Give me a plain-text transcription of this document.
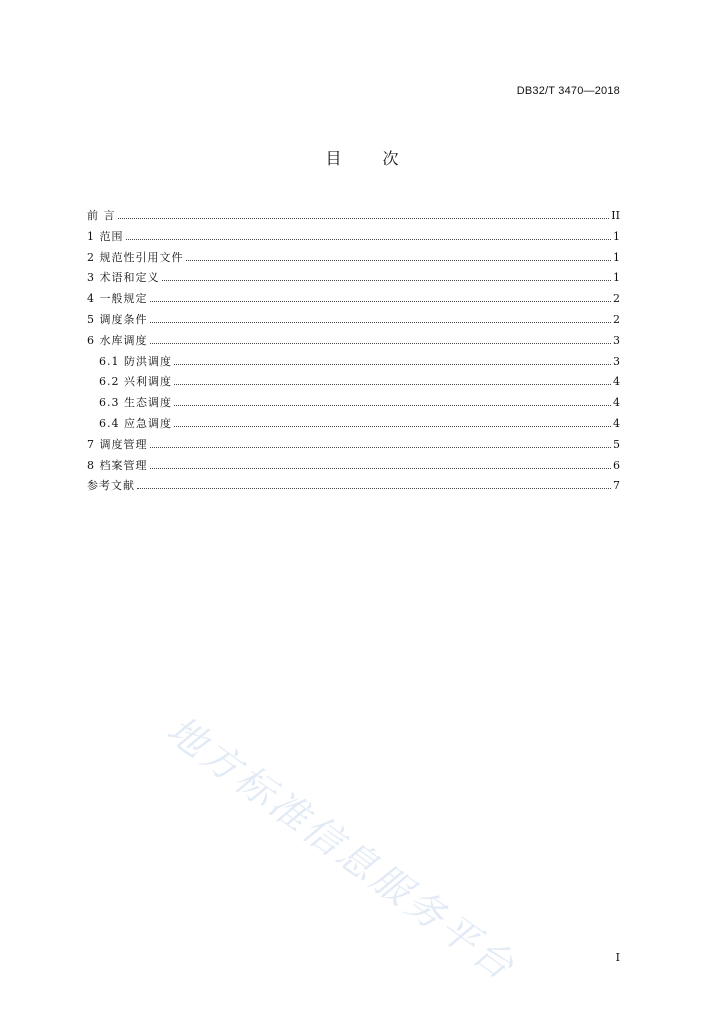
DB32/T 3470—2018
目 次
前 言	II
1 范围	1
2 规范性引用文件	1
3 术语和定义	1
4 一般规定	2
5 调度条件	2
6 水库调度	3
6.1 防洪调度	3
6.2 兴利调度	4
6.3 生态调度	4
6.4 应急调度	4
7 调度管理	5
8 档案管理	6
参考文献	7
地方标准信息服务平台	I
